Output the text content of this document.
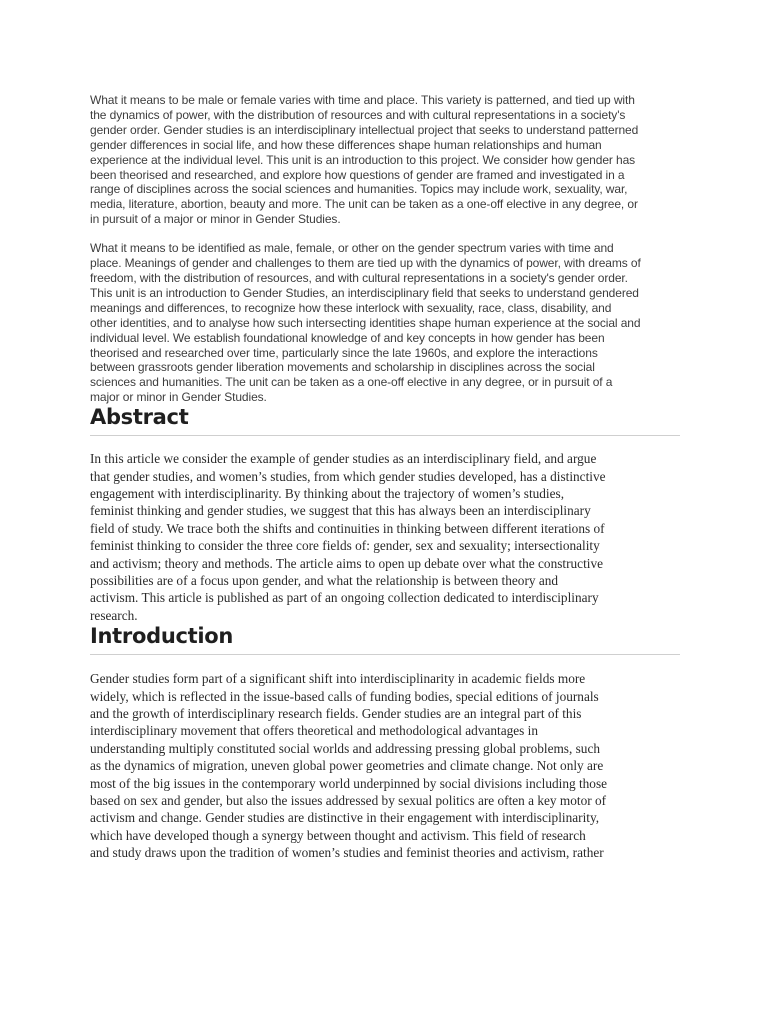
What it means to be male or female varies with time and place. This variety is patterned, and tied up with
the dynamics of power, with the distribution of resources and with cultural representations in a society's
gender order. Gender studies is an interdisciplinary intellectual project that seeks to understand patterned
gender differences in social life, and how these differences shape human relationships and human
experience at the individual level. This unit is an introduction to this project. We consider how gender has
been theorised and researched, and explore how questions of gender are framed and investigated in a
range of disciplines across the social sciences and humanities. Topics may include work, sexuality, war,
media, literature, abortion, beauty and more. The unit can be taken as a one-off elective in any degree, or
in pursuit of a major or minor in Gender Studies.

What it means to be identified as male, female, or other on the gender spectrum varies with time and
place. Meanings of gender and challenges to them are tied up with the dynamics of power, with dreams of
freedom, with the distribution of resources, and with cultural representations in a society's gender order.
This unit is an introduction to Gender Studies, an interdisciplinary field that seeks to understand gendered
meanings and differences, to recognize how these interlock with sexuality, race, class, disability, and
other identities, and to analyse how such intersecting identities shape human experience at the social and
individual level. We establish foundational knowledge of and key concepts in how gender has been
theorised and researched over time, particularly since the late 1960s, and explore the interactions
between grassroots gender liberation movements and scholarship in disciplines across the social
sciences and humanities. The unit can be taken as a one-off elective in any degree, or in pursuit of a
major or minor in Gender Studies.

Abstract

In this article we consider the example of gender studies as an interdisciplinary field, and argue
that gender studies, and women’s studies, from which gender studies developed, has a distinctive
engagement with interdisciplinarity. By thinking about the trajectory of women’s studies,
feminist thinking and gender studies, we suggest that this has always been an interdisciplinary
field of study. We trace both the shifts and continuities in thinking between different iterations of
feminist thinking to consider the three core fields of: gender, sex and sexuality; intersectionality
and activism; theory and methods. The article aims to open up debate over what the constructive
possibilities are of a focus upon gender, and what the relationship is between theory and
activism. This article is published as part of an ongoing collection dedicated to interdisciplinary
research.

Introduction

Gender studies form part of a significant shift into interdisciplinarity in academic fields more
widely, which is reflected in the issue-based calls of funding bodies, special editions of journals
and the growth of interdisciplinary research fields. Gender studies are an integral part of this
interdisciplinary movement that offers theoretical and methodological advantages in
understanding multiply constituted social worlds and addressing pressing global problems, such
as the dynamics of migration, uneven global power geometries and climate change. Not only are
most of the big issues in the contemporary world underpinned by social divisions including those
based on sex and gender, but also the issues addressed by sexual politics are often a key motor of
activism and change. Gender studies are distinctive in their engagement with interdisciplinarity,
which have developed though a synergy between thought and activism. This field of research
and study draws upon the tradition of women’s studies and feminist theories and activism, rather
